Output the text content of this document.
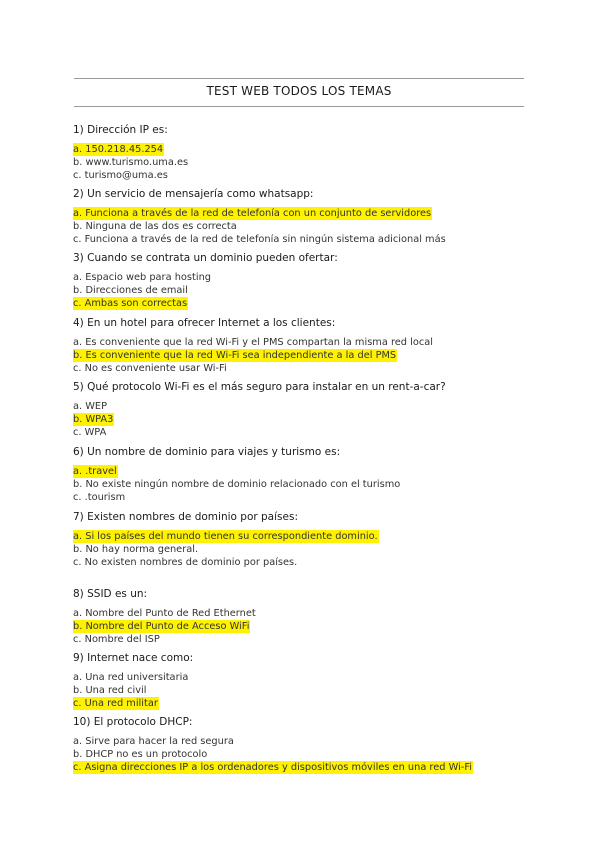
TEST WEB TODOS LOS TEMAS
1) Dirección IP es:
a. 150.218.45.254
b. www.turismo.uma.es
c. turismo@uma.es
2) Un servicio de mensajería como whatsapp:
a. Funciona a través de la red de telefonía con un conjunto de servidores
b. Ninguna de las dos es correcta
c. Funciona a través de la red de telefonía sin ningún sistema adicional más
3) Cuando se contrata un dominio pueden ofertar:
a. Espacio web para hosting
b. Direcciones de email
c. Ambas son correctas
4) En un hotel para ofrecer Internet a los clientes:
a. Es conveniente que la red Wi-Fi y el PMS compartan la misma red local
b. Es conveniente que la red Wi-Fi sea independiente a la del PMS
c. No es conveniente usar Wi-Fi
5) Qué protocolo Wi-Fi es el más seguro para instalar en un rent-a-car?
a. WEP
b. WPA3
c. WPA
6) Un nombre de dominio para viajes y turismo es:
a. .travel
b. No existe ningún nombre de dominio relacionado con el turismo
c. .tourism
7) Existen nombres de dominio por países:
a. Si los países del mundo tienen su correspondiente dominio.
b. No hay norma general.
c. No existen nombres de dominio por países.
8) SSID es un:
a. Nombre del Punto de Red Ethernet
b. Nombre del Punto de Acceso WiFi
c. Nombre del ISP
9) Internet nace como:
a. Una red universitaria
b. Una red civil
c. Una red militar
10) El protocolo DHCP:
a. Sirve para hacer la red segura
b. DHCP no es un protocolo
c. Asigna direcciones IP a los ordenadores y dispositivos móviles en una red Wi-Fi
